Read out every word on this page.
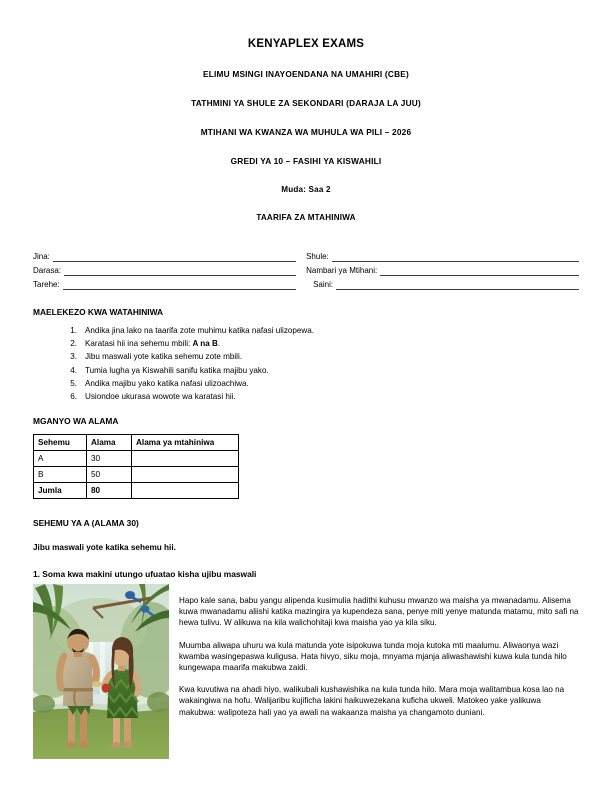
KENYAPLEX EXAMS
ELIMU MSINGI INAYOENDANA NA UMAHIRI (CBE)
TATHMINI YA SHULE ZA SEKONDARI (DARAJA LA JUU)
MTIHANI WA KWANZA WA MUHULA WA PILI – 2026
GREDI YA 10 – FASIHI YA KISWAHILI
Muda: Saa 2
TAARIFA ZA MTAHINIWA
Jina:
Darasa:
Tarehe:
Shule:
Nambari ya Mtihani:
Saini:
MAELEKEZO KWA WATAHINIWA
Andika jina lako na taarifa zote muhimu katika nafasi ulizopewa.
Karatasi hii ina sehemu mbili: A na B.
Jibu maswali yote katika sehemu zote mbili.
Tumia lugha ya Kiswahili sanifu katika majibu yako.
Andika majibu yako katika nafasi ulizoachiwa.
Usiondoe ukurasa wowote wa karatasi hii.
MGANYO WA ALAMA
Sehemu	Alama	Alama ya mtahiniwa
A	30	
B	50	
Jumla	80	
SEHEMU YA A (ALAMA 30)
Jibu maswali yote katika sehemu hii.
1. Soma kwa makini utungo ufuatao kisha ujibu maswali

Hapo kale sana, babu yangu alipenda kusimulia hadithi kuhusu mwanzo wa maisha ya mwanadamu. Alisema kuwa mwanadamu aliishi katika mazingira ya kupendeza sana, penye miti yenye matunda matamu, mito safi na hewa tulivu. W alikuwa na kila walichohitaji kwa maisha yao ya kila siku.

Muumba aliwapa uhuru wa kula matunda yote isipokuwa tunda moja kutoka mti maalumu. Aliwaonya wazi kwamba wasingepaswa kuligusa. Hata hivyo, siku moja, mnyama mjanja aliwashawishi kuwa kula tunda hilo kungewapa maarifa makubwa zaidi.

Kwa kuvutiwa na ahadi hiyo, walikubali kushawishika na kula tunda hilo. Mara moja walitambua kosa lao na wakaingiwa na hofu. Walijaribu kujificha lakini haikuwezekana kuficha ukweli. Matokeo yake yalikuwa makubwa: walipoteza hali yao ya awali na wakaanza maisha ya changamoto duniani.
